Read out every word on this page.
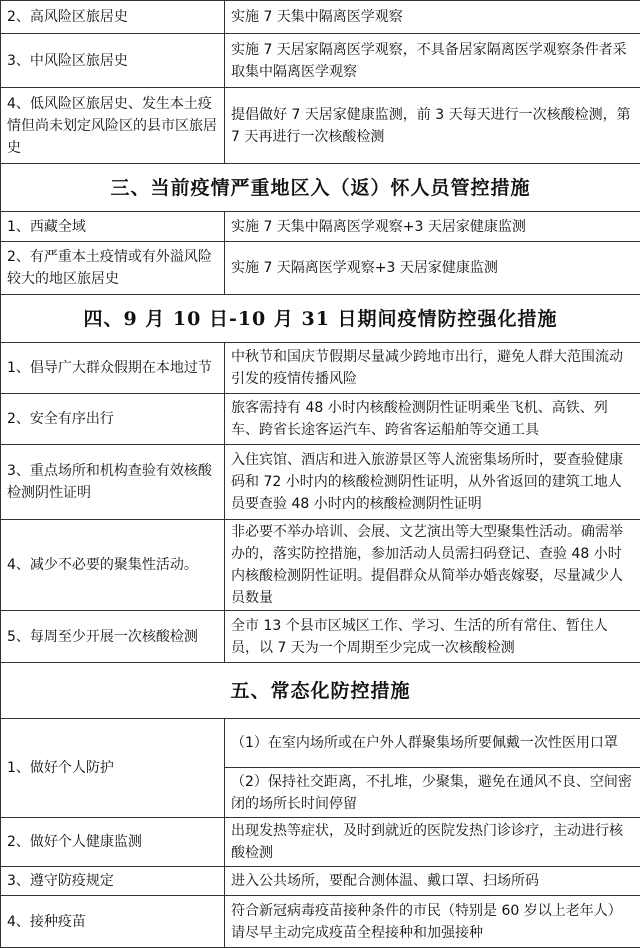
2、高风险区旅居史	实施 7 天集中隔离医学观察
3、中风险区旅居史	实施 7 天居家隔离医学观察，不具备居家隔离医学观察条件者采取集中隔离医学观察
4、低风险区旅居史、发生本土疫情但尚未划定风险区的县市区旅居史	提倡做好 7 天居家健康监测，前 3 天每天进行一次核酸检测，第 7 天再进行一次核酸检测
三、当前疫情严重地区入（返）怀人员管控措施	
1、西藏全域	实施 7 天集中隔离医学观察+3 天居家健康监测
2、有严重本土疫情或有外溢风险较大的地区旅居史	实施 7 天隔离医学观察+3 天居家健康监测
四、9 月 10 日-10 月 31 日期间疫情防控强化措施	
1、倡导广大群众假期在本地过节	中秋节和国庆节假期尽量减少跨地市出行，避免人群大范围流动引发的疫情传播风险
2、安全有序出行	旅客需持有 48 小时内核酸检测阴性证明乘坐飞机、高铁、列车、跨省长途客运汽车、跨省客运船舶等交通工具
3、重点场所和机构查验有效核酸检测阴性证明	入住宾馆、酒店和进入旅游景区等人流密集场所时，要查验健康码和 72 小时内的核酸检测阴性证明，从外省返回的建筑工地人员要查验 48 小时内的核酸检测阴性证明
4、减少不必要的聚集性活动。	非必要不举办培训、会展、文艺演出等大型聚集性活动。确需举办的，落实防控措施，参加活动人员需扫码登记、查验 48 小时内核酸检测阴性证明。提倡群众从简举办婚丧嫁娶，尽量减少人员数量
5、每周至少开展一次核酸检测	全市 13 个县市区城区工作、学习、生活的所有常住、暂住人员，以 7 天为一个周期至少完成一次核酸检测
五、常态化防控措施	
1、做好个人防护	（1）在室内场所或在户外人群聚集场所要佩戴一次性医用口罩
	（2）保持社交距离，不扎堆，少聚集，避免在通风不良、空间密闭的场所长时间停留
2、做好个人健康监测	出现发热等症状，及时到就近的医院发热门诊诊疗，主动进行核酸检测
3、遵守防疫规定	进入公共场所，要配合测体温、戴口罩、扫场所码
4、接种疫苗	符合新冠病毒疫苗接种条件的市民（特别是 60 岁以上老年人）请尽早主动完成疫苗全程接种和加强接种
